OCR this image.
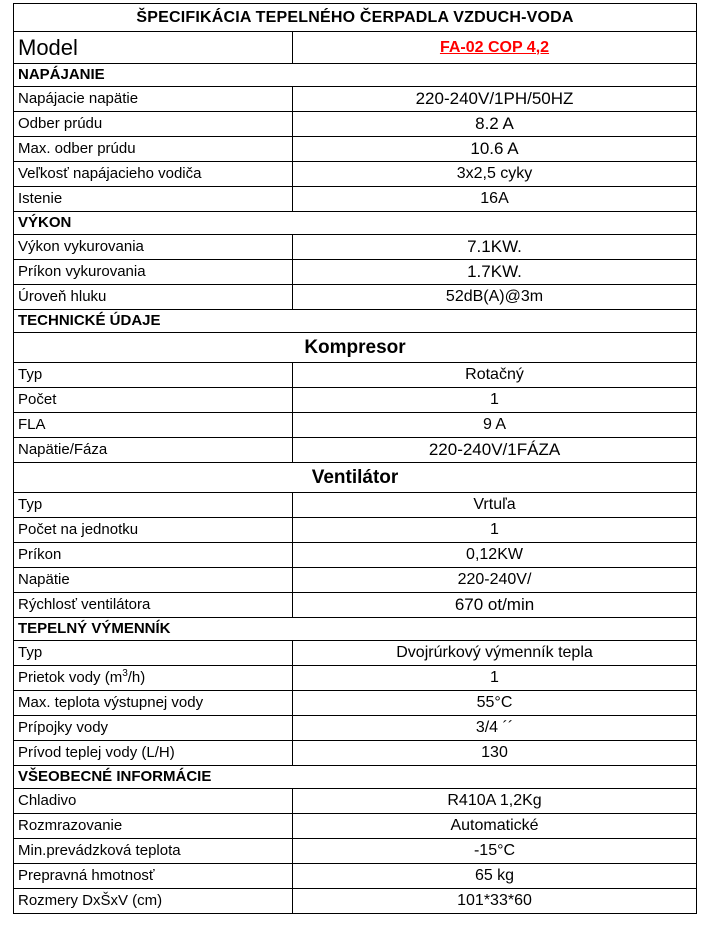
ŠPECIFIKÁCIA TEPELNÉHO ČERPADLA VZDUCH-VODA	
Model	FA-02 COP 4,2
NAPÁJANIE	
Napájacie napätie	220-240V/1PH/50HZ
Odber prúdu	8.2 A
Max. odber prúdu	10.6 A
Veľkosť napájacieho vodiča	3x2,5 cyky
Istenie	16A
VÝKON	
Výkon vykurovania	7.1KW.
Príkon vykurovania	1.7KW.
Úroveň hluku	52dB(A)@3m
TECHNICKÉ ÚDAJE	
Kompresor	
Typ	Rotačný
Počet	1
FLA	9 A
Napätie/Fáza	220-240V/1FÁZA
Ventilátor	
Typ	Vrtuľa
Počet na jednotku	1
Príkon	0,12KW
Napätie	220-240V/
Rýchlosť ventilátora	670 ot/min
TEPELNÝ VÝMENNÍK	
Typ	Dvojrúrkový výmenník tepla
Prietok vody $(m^3/h)$	1
Max. teplota výstupnej vody	55°C
Prípojky vody	3/4 ´´
Prívod teplej vody (L/H)	130
VŠEOBECNÉ INFORMÁCIE	
Chladivo	R410A 1,2Kg
Rozmrazovanie	Automatické
Min.prevádzková teplota	-15°C
Prepravná hmotnosť	65 kg
Rozmery DxŠxV (cm)	101*33*60
